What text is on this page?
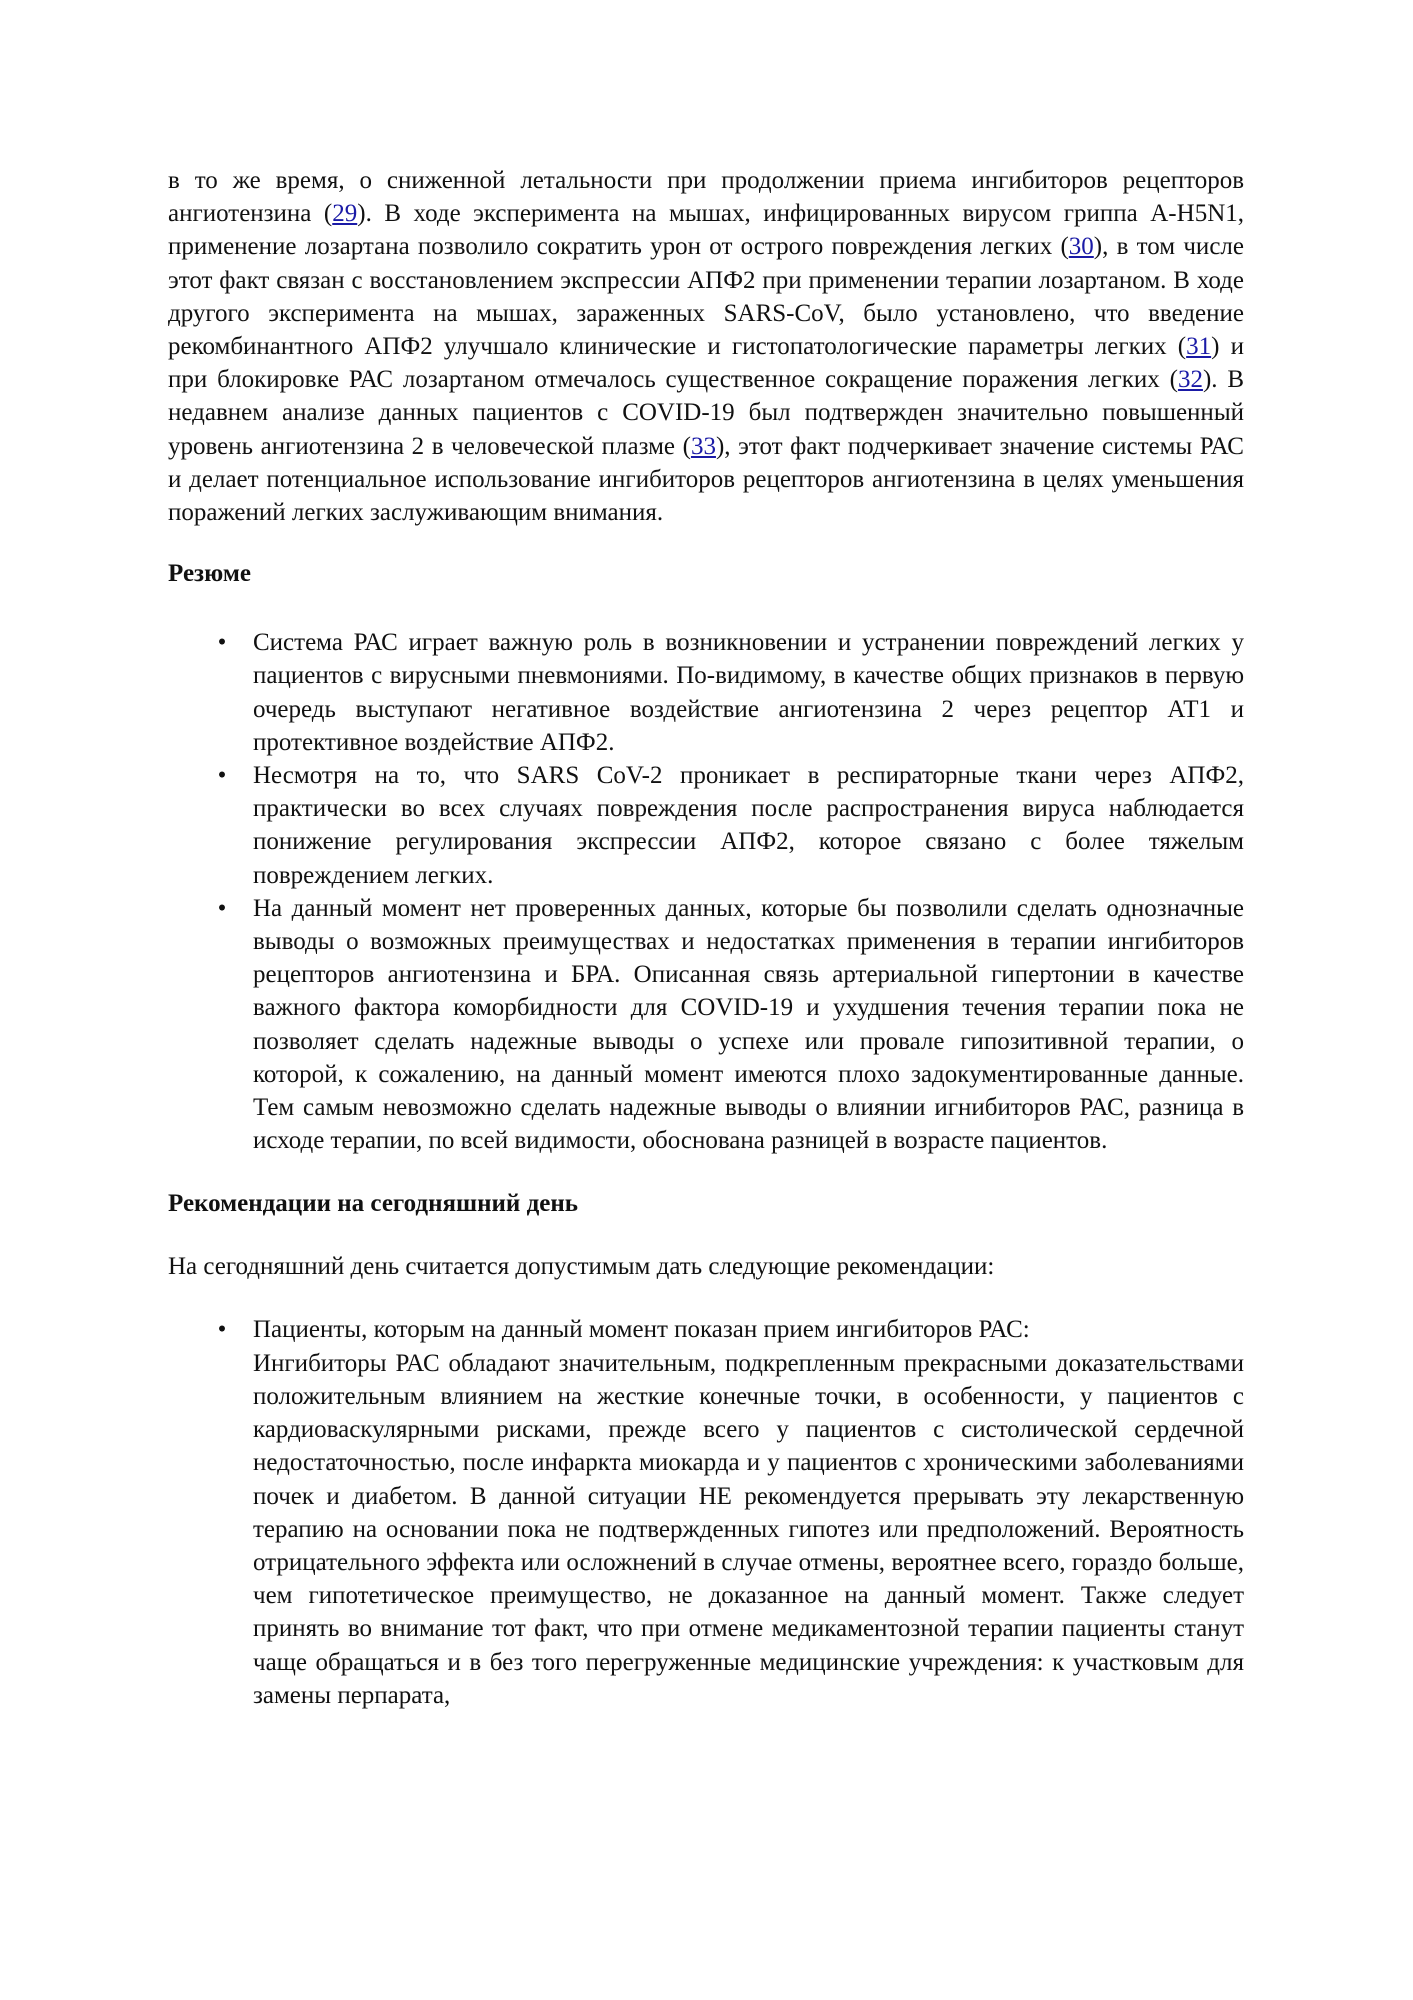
в то же время, о сниженной летальности при продолжении приема ингибиторов рецепторов ангиотензина (29). В ходе эксперимента на мышах, инфицированных вирусом гриппа A-H5N1, применение лозартана позволило сократить урон от острого повреждения легких (30), в том числе этот факт связан с восстановлением экспрессии АПФ2 при применении терапии лозартаном. В ходе другого эксперимента на мышах, зараженных SARS-CoV, было установлено, что введение рекомбинантного АПФ2 улучшало клинические и гистопатологические параметры легких (31) и при блокировке РАС лозартаном отмечалось существенное сокращение поражения легких (32). В недавнем анализе данных пациентов с COVID-19 был подтвержден значительно повышенный уровень ангиотензина 2 в человеческой плазме (33), этот факт подчеркивает значение системы РАС и делает потенциальное использование ингибиторов рецепторов ангиотензина в целях уменьшения поражений легких заслуживающим внимания.

Резюме
• Система РАС играет важную роль в возникновении и устранении повреждений легких у пациентов с вирусными пневмониями. По-видимому, в качестве общих признаков в первую очередь выступают негативное воздействие ангиотензина 2 через рецептор АТ1 и протективное воздействие АПФ2.
• Несмотря на то, что SARS CoV-2 проникает в респираторные ткани через АПФ2, практически во всех случаях повреждения после распространения вируса наблюдается понижение регулирования экспрессии АПФ2, которое связано с более тяжелым повреждением легких.
• На данный момент нет проверенных данных, которые бы позволили сделать однозначные выводы о возможных преимуществах и недостатках применения в терапии ингибиторов рецепторов ангиотензина и БРА. Описанная связь артериальной гипертонии в качестве важного фактора коморбидности для COVID-19 и ухудшения течения терапии пока не позволяет сделать надежные выводы о успехе или провале гипозитивной терапии, о которой, к сожалению, на данный момент имеются плохо задокументированные данные. Тем самым невозможно сделать надежные выводы о влиянии игнибиторов РАС, разница в исходе терапии, по всей видимости, обоснована разницей в возрасте пациентов.
Рекомендации на сегодняшний день

На сегодняшний день считается допустимым дать следующие рекомендации:

• Пациенты, которым на данный момент показан прием ингибиторов РАС:
Ингибиторы РАС обладают значительным, подкрепленным прекрасными доказательствами положительным влиянием на жесткие конечные точки, в особенности, у пациентов с кардиоваскулярными рисками, прежде всего у пациентов с систолической сердечной недостаточностью, после инфаркта миокарда и у пациентов с хроническими заболеваниями почек и диабетом. В данной ситуации НЕ рекомендуется прерывать эту лекарственную терапию на основании пока не подтвержденных гипотез или предположений. Вероятность отрицательного эффекта или осложнений в случае отмены, вероятнее всего, гораздо больше, чем гипотетическое преимущество, не доказанное на данный момент. Также следует принять во внимание тот факт, что при отмене медикаментозной терапии пациенты станут чаще обращаться и в без того перегруженные медицинские учреждения: к участковым для замены перпарата,
